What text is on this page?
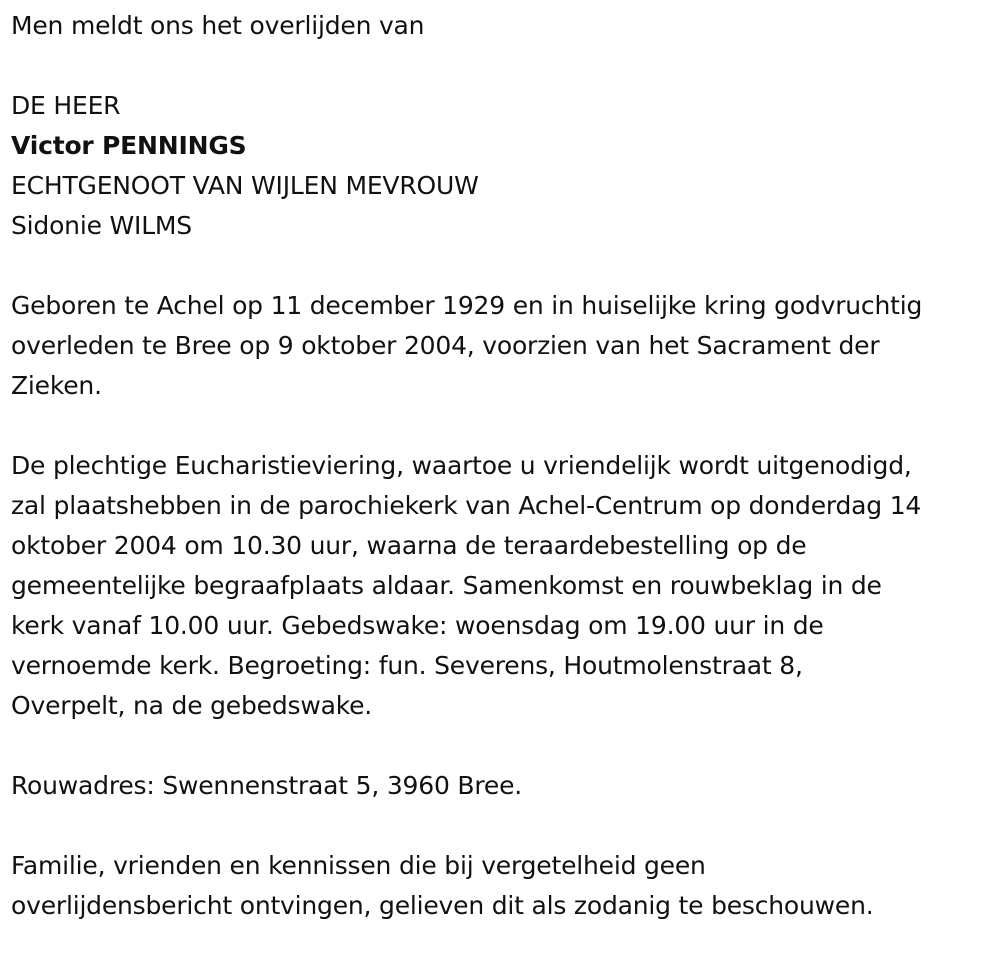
Men meldt ons het overlijden van
DE HEER
Victor PENNINGS
ECHTGENOOT VAN WIJLEN MEVROUW
Sidonie WILMS
Geboren te Achel op 11 december 1929 en in huiselijke kring godvruchtig
overleden te Bree op 9 oktober 2004, voorzien van het Sacrament der
Zieken.
De plechtige Eucharistieviering, waartoe u vriendelijk wordt uitgenodigd,
zal plaatshebben in de parochiekerk van Achel-Centrum op donderdag 14
oktober 2004 om 10.30 uur, waarna de teraardebestelling op de
gemeentelijke begraafplaats aldaar. Samenkomst en rouwbeklag in de
kerk vanaf 10.00 uur. Gebedswake: woensdag om 19.00 uur in de
vernoemde kerk. Begroeting: fun. Severens, Houtmolenstraat 8,
Overpelt, na de gebedswake.
Rouwadres: Swennenstraat 5, 3960 Bree.
Familie, vrienden en kennissen die bij vergetelheid geen
overlijdensbericht ontvingen, gelieven dit als zodanig te beschouwen.
